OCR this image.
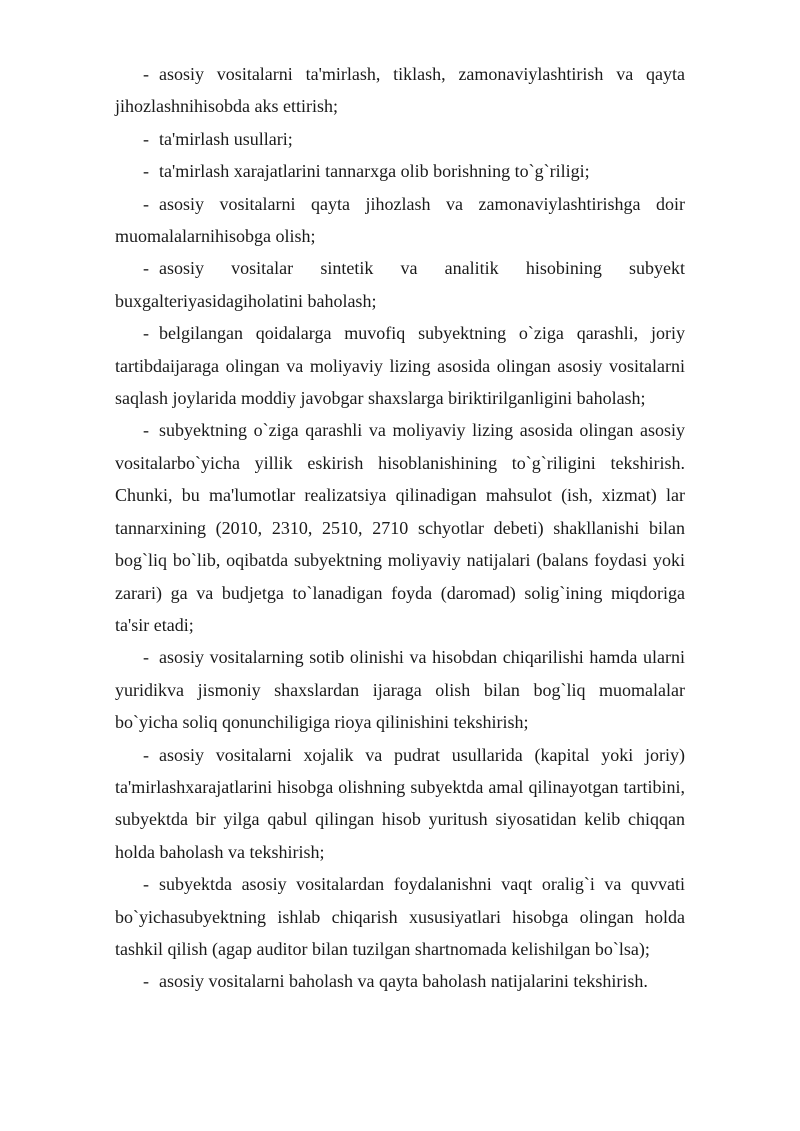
- asosiy vositalarni ta'mirlash, tiklash, zamonaviylashtirish va qayta jihozlashnihisobda aks ettirish;

- ta'mirlash usullari;

- ta'mirlash xarajatlarini tannarxga olib borishning to`g`riligi;

- asosiy vositalarni qayta jihozlash va zamonaviylashtirishga doir muomalalarnihisobga olish;

- asosiy vositalar sintetik va analitik hisobining subyekt buxgalteriyasidagiholatini baholash;

- belgilangan qoidalarga muvofiq subyektning o`ziga qarashli, joriy tartibdaijaraga olingan va moliyaviy lizing asosida olingan asosiy vositalarni saqlash joylarida moddiy javobgar shaxslarga biriktirilganligini baholash;

- subyektning o`ziga qarashli va moliyaviy lizing asosida olingan asosiy vositalarbo`yicha yillik eskirish hisoblanishining to`g`riligini tekshirish. Chunki, bu ma'lumotlar realizatsiya qilinadigan mahsulot (ish, xizmat) lar tannarxining (2010, 2310, 2510, 2710 schyotlar debeti) shakllanishi bilan bog`liq bo`lib, oqibatda subyektning moliyaviy natijalari (balans foydasi yoki zarari) ga va budjetga to`lanadigan foyda (daromad) solig`ining miqdoriga ta'sir etadi;

- asosiy vositalarning sotib olinishi va hisobdan chiqarilishi hamda ularni yuridikva jismoniy shaxslardan ijaraga olish bilan bog`liq muomalalar bo`yicha soliq qonunchiligiga rioya qilinishini tekshirish;

- asosiy vositalarni xojalik va pudrat usullarida (kapital yoki joriy) ta'mirlashxarajatlarini hisobga olishning subyektda amal qilinayotgan tartibini, subyektda bir yilga qabul qilingan hisob yuritush siyosatidan kelib chiqqan holda baholash va tekshirish;

- subyektda asosiy vositalardan foydalanishni vaqt oralig`i va quvvati bo`yichasubyektning ishlab chiqarish xususiyatlari hisobga olingan holda tashkil qilish (agap auditor bilan tuzilgan shartnomada kelishilgan bo`lsa);

- asosiy vositalarni baholash va qayta baholash natijalarini tekshirish.
